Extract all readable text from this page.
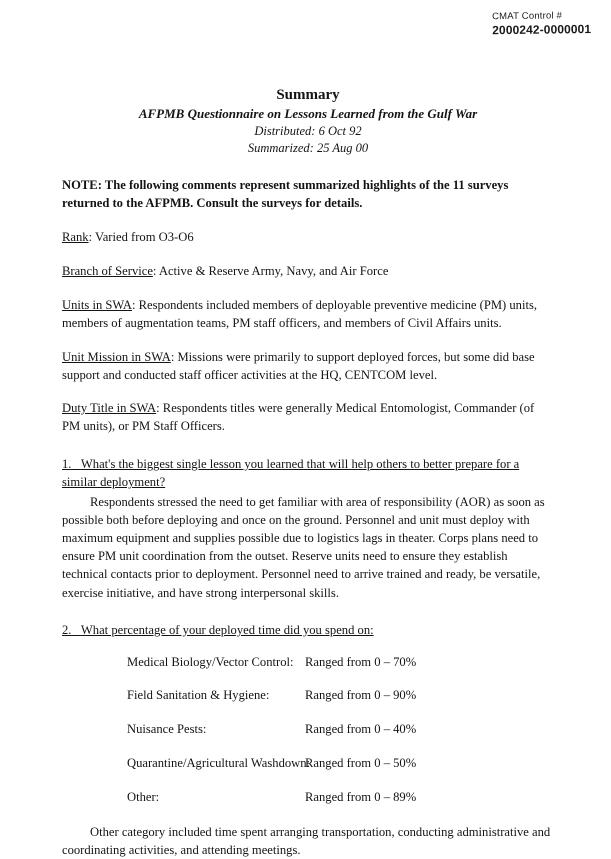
CMAT Control #
2000242-0000001
Summary
AFPMB Questionnaire on Lessons Learned from the Gulf War
Distributed: 6 Oct 92
Summarized: 25 Aug 00
NOTE: The following comments represent summarized highlights of the 11 surveys returned to the AFPMB. Consult the surveys for details.
Rank: Varied from O3-O6
Branch of Service: Active & Reserve Army, Navy, and Air Force
Units in SWA: Respondents included members of deployable preventive medicine (PM) units, members of augmentation teams, PM staff officers, and members of Civil Affairs units.
Unit Mission in SWA: Missions were primarily to support deployed forces, but some did base support and conducted staff officer activities at the HQ, CENTCOM level.
Duty Title in SWA: Respondents titles were generally Medical Entomologist, Commander (of PM units), or PM Staff Officers.
1. What's the biggest single lesson you learned that will help others to better prepare for a similar deployment?
Respondents stressed the need to get familiar with area of responsibility (AOR) as soon as possible both before deploying and once on the ground. Personnel and unit must deploy with maximum equipment and supplies possible due to logistics lags in theater. Corps plans need to ensure PM unit coordination from the outset. Reserve units need to ensure they establish technical contacts prior to deployment. Personnel need to arrive trained and ready, be versatile, exercise initiative, and have strong interpersonal skills.
2. What percentage of your deployed time did you spend on:
Medical Biology/Vector Control: Ranged from 0 – 70%
Field Sanitation & Hygiene:	Ranged from 0 – 90%
Nuisance Pests:	Ranged from 0 – 40%
Quarantine/Agricultural Washdown:
Ranged from 0 – 50%
Other:	Ranged from 0 – 89%
Other category included time spent arranging transportation, conducting administrative and coordinating activities, and attending meetings.
